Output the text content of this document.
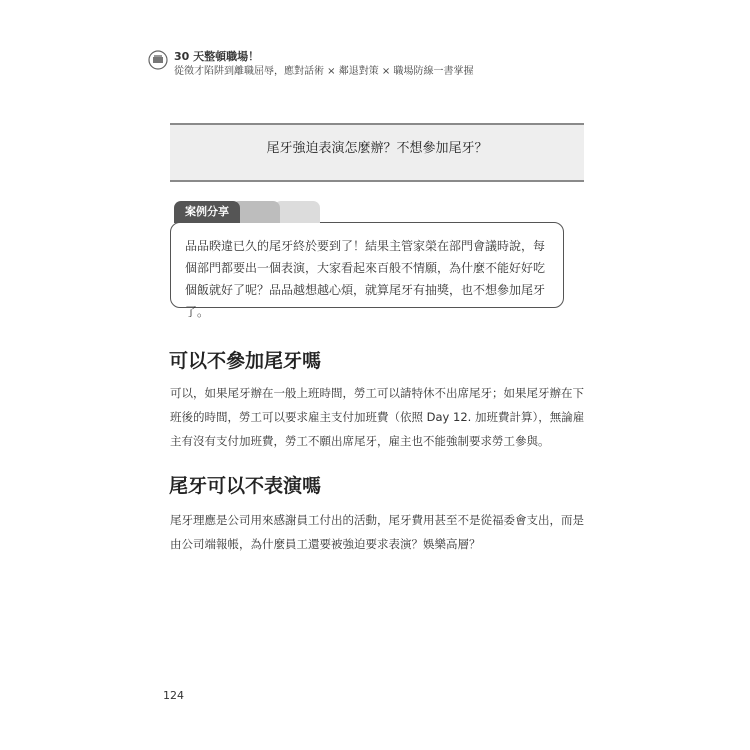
30 天整頓職場！
從徵才陷阱到離職屈辱，應對話術 × 鄰退對策 × 職場防線一書掌握
尾牙強迫表演怎麼辦？不想參加尾牙？
案例分享
品品睽違已久的尾牙終於要到了！結果主管家榮在部門會議時說，每個部門都要出一個表演，大家看起來百般不情願，為什麼不能好好吃個飯就好了呢？品品越想越心煩，就算尾牙有抽獎，也不想參加尾牙了。
可以不參加尾牙嗎
可以，如果尾牙辦在一般上班時間，勞工可以請特休不出席尾牙；如果尾牙辦在下班後的時間，勞工可以要求雇主支付加班費（依照 Day 12. 加班費計算），無論雇主有沒有支付加班費，勞工不願出席尾牙，雇主也不能強制要求勞工參與。
尾牙可以不表演嗎
尾牙理應是公司用來感謝員工付出的活動，尾牙費用甚至不是從福委會支出，而是由公司端報帳，為什麼員工還要被強迫要求表演？娛樂高層？
124
